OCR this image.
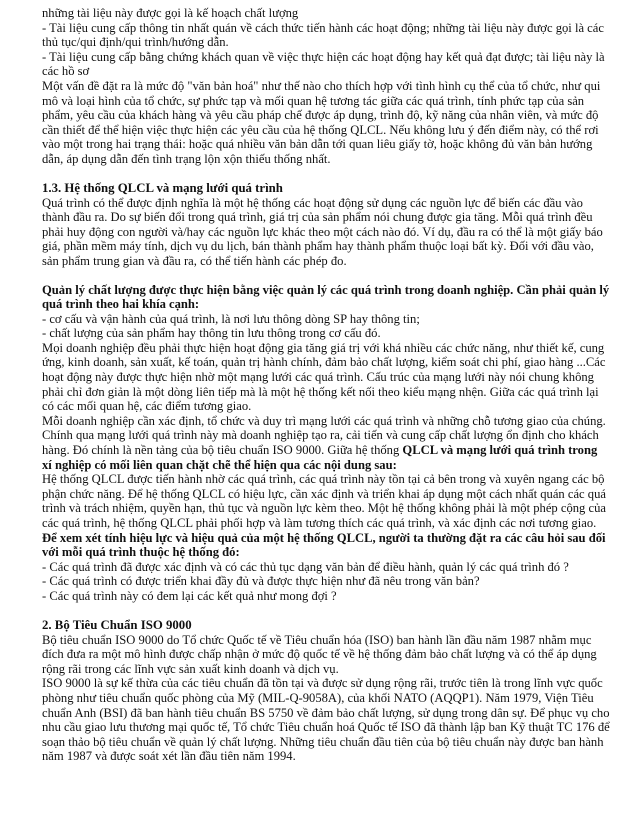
những tài liệu này được gọi là kế hoạch chất lượng

- Tài liệu cung cấp thông tin nhất quán về cách thức tiến hành các hoạt động; những tài liệu này được gọi là các thủ tục/qui định/qui trình/hướng dẫn.

- Tài liệu cung cấp bằng chứng khách quan về việc thực hiện các hoạt động hay kết quả đạt được; tài liệu này là các hồ sơ

Một vấn đề đặt ra là mức độ "văn bản hoá" như thế nào cho thích hợp với tình hình cụ thể của tổ chức, như qui mô và loại hình của tổ chức, sự phức tạp và mối quan hệ tương tác giữa các quá trình, tính phức tạp của sản phẩm, yêu cầu của khách hàng và yêu cầu pháp chế được áp dụng, trình độ, kỹ năng của nhân viên, và mức độ cần thiết để thể hiện việc thực hiện các yêu cầu của hệ thống QLCL. Nếu không lưu ý đến điểm này, có thể rơi vào một trong hai trạng thái: hoặc quá nhiều văn bản dẫn tới quan liêu giấy tờ, hoặc không đủ văn bản hướng dẫn, áp dụng dẫn đến tình trạng lộn xộn thiếu thống nhất.

1.3. Hệ thống QLCL và mạng lưới quá trình

Quá trình có thể được định nghĩa là một hệ thống các hoạt động sử dụng các nguồn lực để biến các đầu vào thành đầu ra. Do sự biến đổi trong quá trình, giá trị của sản phẩm nói chung được gia tăng. Mỗi quá trình đều phải huy động con người và/hay các nguồn lực khác theo một cách nào đó. Ví dụ, đầu ra có thể là một giấy báo giá, phần mềm máy tính, dịch vụ du lịch, bán thành phẩm hay thành phẩm thuộc loại bất kỳ. Đối với đầu vào, sản phẩm trung gian và đầu ra, có thể tiến hành các phép đo.

Quản lý chất lượng được thực hiện bằng việc quản lý các quá trình trong doanh nghiệp. Cần phải quản lý quá trình theo hai khía cạnh:

- cơ cấu và vận hành của quá trình, là nơi lưu thông dòng SP hay thông tin;

- chất lượng của sản phẩm hay thông tin lưu thông trong cơ cấu đó.

Mọi doanh nghiệp đều phải thực hiện hoạt động gia tăng giá trị với khá nhiều các chức năng, như thiết kế, cung ứng, kinh doanh, sản xuất, kế toán, quản trị hành chính, đảm bảo chất lượng, kiểm soát chi phí, giao hàng ...Các hoạt động này được thực hiện nhờ một mạng lưới các quá trình. Cấu trúc của mạng lưới này nói chung không phải chỉ đơn giản là một dòng liên tiếp mà là một hệ thống kết nối theo kiểu mạng nhện. Giữa các quá trình lại có các mối quan hệ, các điểm tương giao.

Mỗi doanh nghiệp cần xác định, tổ chức và duy trì mạng lưới các quá trình và những chỗ tương giao của chúng. Chính qua mạng lưới quá trình này mà doanh nghiệp tạo ra, cải tiến và cung cấp chất lượng ổn định cho khách hàng. Đó chính là nền tảng của bộ tiêu chuẩn ISO 9000. Giữa hệ thống QLCL và mạng lưới quá trình trong xí nghiệp có mối liên quan chặt chẽ thể hiện qua các nội dung sau:

Hệ thống QLCL được tiến hành nhờ các quá trình, các quá trình này tồn tại cả bên trong và xuyên ngang các bộ phận chức năng. Để hệ thống QLCL có hiệu lực, cần xác định và triển khai áp dụng một cách nhất quán các quá trình và trách nhiệm, quyền hạn, thủ tục và nguồn lực kèm theo. Một hệ thống không phải là một phép cộng của các quá trình, hệ thống QLCL phải phối hợp và làm tương thích các quá trình, và xác định các nơi tương giao.

Để xem xét tính hiệu lực và hiệu quả của một hệ thống QLCL, người ta thường đặt ra các câu hỏi sau đối với mỗi quá trình thuộc hệ thống đó:

- Các quá trình đã được xác định và có các thủ tục dạng văn bản để điều hành, quản lý các quá trình đó ?

- Các quá trình có được triển khai đầy đủ và được thực hiện như đã nêu trong văn bản?

- Các quá trình này có đem lại các kết quả như mong đợi ?

2. Bộ Tiêu Chuẩn ISO 9000

Bộ tiêu chuẩn ISO 9000 do Tổ chức Quốc tế về Tiêu chuẩn hóa (ISO) ban hành lần đầu năm 1987 nhằm mục đích đưa ra một mô hình được chấp nhận ở mức độ quốc tế về hệ thống đảm bảo chất lượng và có thể áp dụng rộng rãi trong các lĩnh vực sản xuất kinh doanh và dịch vụ.

ISO 9000 là sự kế thừa của các tiêu chuẩn đã tồn tại và được sử dụng rộng rãi, trước tiên là trong lĩnh vực quốc phòng như tiêu chuẩn quốc phòng của Mỹ (MIL-Q-9058A), của khối NATO (AQQP1). Năm 1979, Viện Tiêu chuẩn Anh (BSI) đã ban hành tiêu chuẩn BS 5750 về đảm bảo chất lượng, sử dụng trong dân sự. Để phục vụ cho nhu cầu giao lưu thương mại quốc tế, Tổ chức Tiêu chuẩn hoá Quốc tế ISO đã thành lập ban Kỹ thuật TC 176 để soạn thảo bộ tiêu chuẩn về quản lý chất lượng. Những tiêu chuẩn đầu tiên của bộ tiêu chuẩn này được ban hành năm 1987 và được soát xét lần đầu tiên năm 1994.
